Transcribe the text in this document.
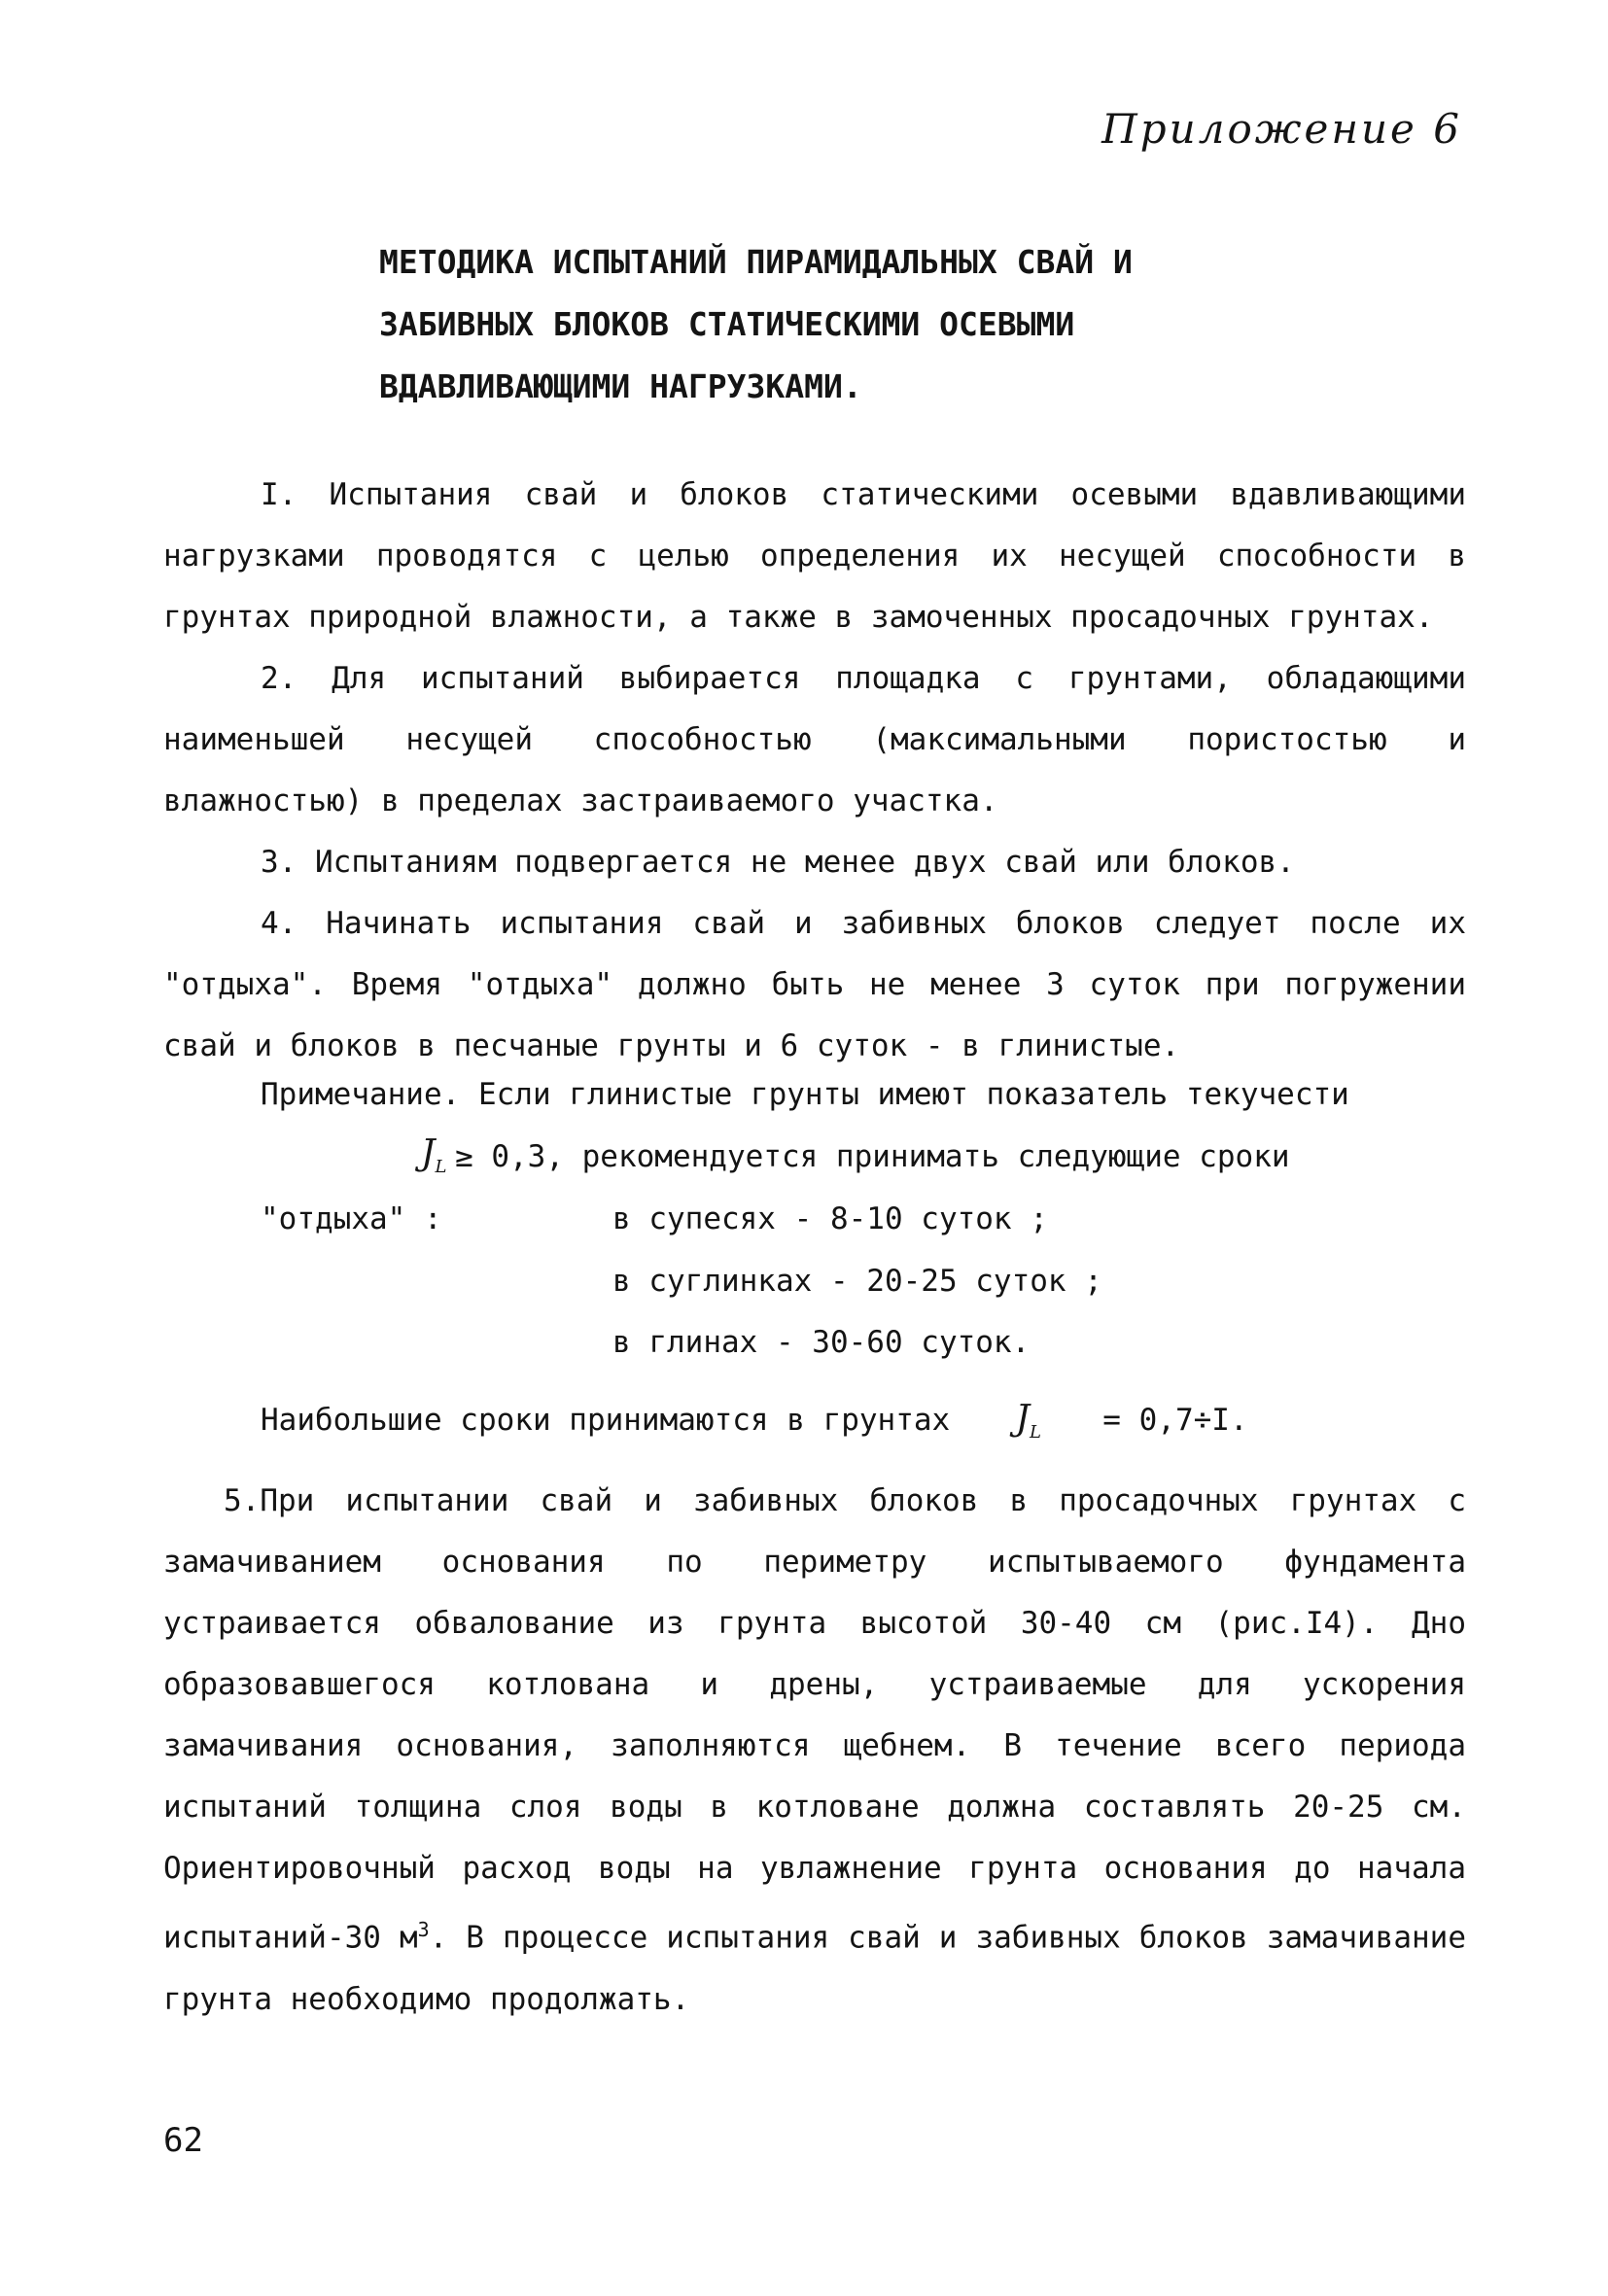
Приложение 6
МЕТОДИКА ИСПЫТАНИЙ ПИРАМИДАЛЬНЫХ СВАЙ И
ЗАБИВНЫХ БЛОКОВ СТАТИЧЕСКИМИ ОСЕВЫМИ
ВДАВЛИВАЮЩИМИ НАГРУЗКАМИ.

I. Испытания свай и блоков статическими осевыми вдавливающими нагрузками проводятся с целью определения их несущей способности в грунтах природной влажности, а также в замоченных просадочных грунтах.

2. Для испытаний выбирается площадка с грунтами, обладающими наименьшей несущей способностью (максимальными пористостью и влажностью) в пределах застраиваемого участка.

3. Испытаниям подвергается не менее двух свай или блоков.

4. Начинать испытания свай и забивных блоков следует после их "отдыха". Время "отдыха" должно быть не менее 3 суток при погружении свай и блоков в песчаные грунты и 6 суток - в глинистые.

Примечание. Если глинистые грунты имеют показатель текучести
$J_L \ge 0,3$, рекомендуется принимать следующие сроки
"отдыха" :	в супесях - 8-10 суток ;
в суглинках - 20-25 суток ;
в глинах - 30-60 суток.
Наибольшие сроки принимаются в грунтах $J_L = 0,7\div I$.

5.При испытании свай и забивных блоков в просадочных грунтах с замачиванием основания по периметру испытываемого фундамента устраивается обвалование из грунта высотой 30-40 см (рис.I4). Дно образовавшегося котлована и дрены, устраиваемые для ускорения замачивания основания, заполняются щебнем. В течение всего периода испытаний толщина слоя воды в котловане должна составлять 20-25 см. Ориентировочный расход воды на увлажнение грунта основания до начала испытаний-30 $м^3$. В процессе испытания свай и забивных блоков замачивание грунта необходимо продолжать.

62
